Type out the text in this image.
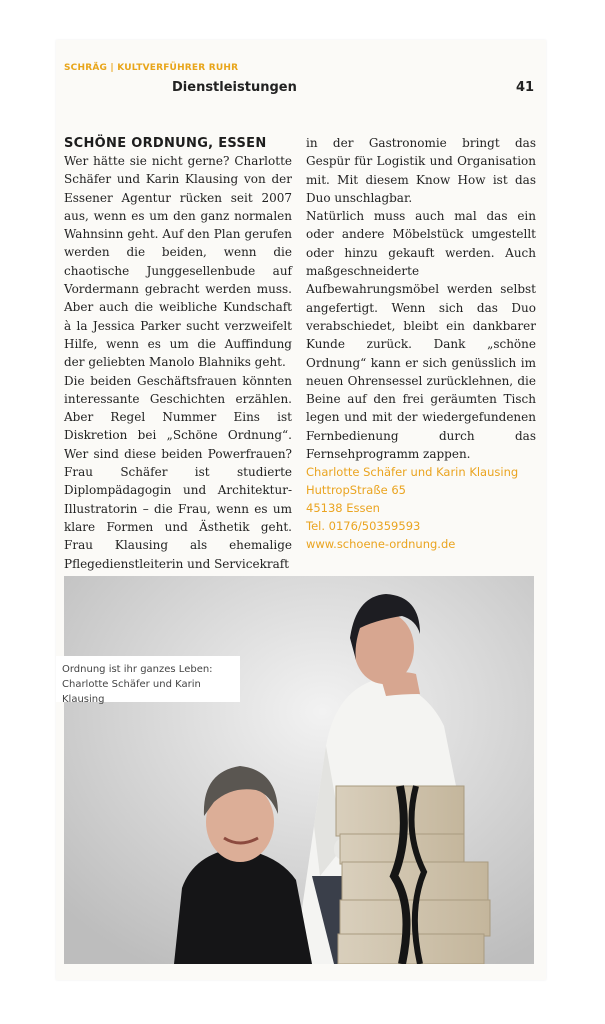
SCHRÄG | KULTVERFÜHRER RUHR
Dienstleistungen	41
SCHÖNE ORDNUNG, ESSEN

Wer hätte sie nicht gerne? Charlotte Schäfer und Karin Klausing von der Essener Agentur rücken seit 2007 aus, wenn es um den ganz normalen Wahnsinn geht. Auf den Plan gerufen werden die beiden, wenn die chaotische Junggesellenbude auf Vordermann gebracht werden muss. Aber auch die weibliche Kundschaft à la Jessica Parker sucht verzweifelt Hilfe, wenn es um die Auffindung der geliebten Manolo Blahniks geht.

Die beiden Geschäftsfrauen könnten interessante Geschichten erzählen. Aber Regel Nummer Eins ist Diskretion bei „Schöne Ordnung“. Wer sind diese beiden Powerfrauen? Frau Schäfer ist studierte Diplompädagogin und Architektur-Illustratorin – die Frau, wenn es um klare Formen und Ästhetik geht. Frau Klausing als ehemalige Pflegedienstleiterin und Servicekraft

in der Gastronomie bringt das Gespür für Logistik und Organisation mit. Mit diesem Know How ist das Duo unschlagbar.

Natürlich muss auch mal das ein oder andere Möbelstück umgestellt oder hinzu gekauft werden. Auch maßgeschneiderte Aufbewahrungsmöbel werden selbst angefertigt. Wenn sich das Duo verabschiedet, bleibt ein dankbarer Kunde zurück. Dank „schöne Ordnung“ kann er sich genüsslich im neuen Ohrensessel zurücklehnen, die Beine auf den frei geräumten Tisch legen und mit der wiedergefundenen Fernbedienung durch das Fernsehprogramm zappen.

Charlotte Schäfer und Karin Klausing
HuttropStraße 65
45138 Essen
Tel. 0176/50359593
www.schoene-ordnung.de
Ordnung ist ihr ganzes Leben:
Charlotte Schäfer und Karin Klausing
